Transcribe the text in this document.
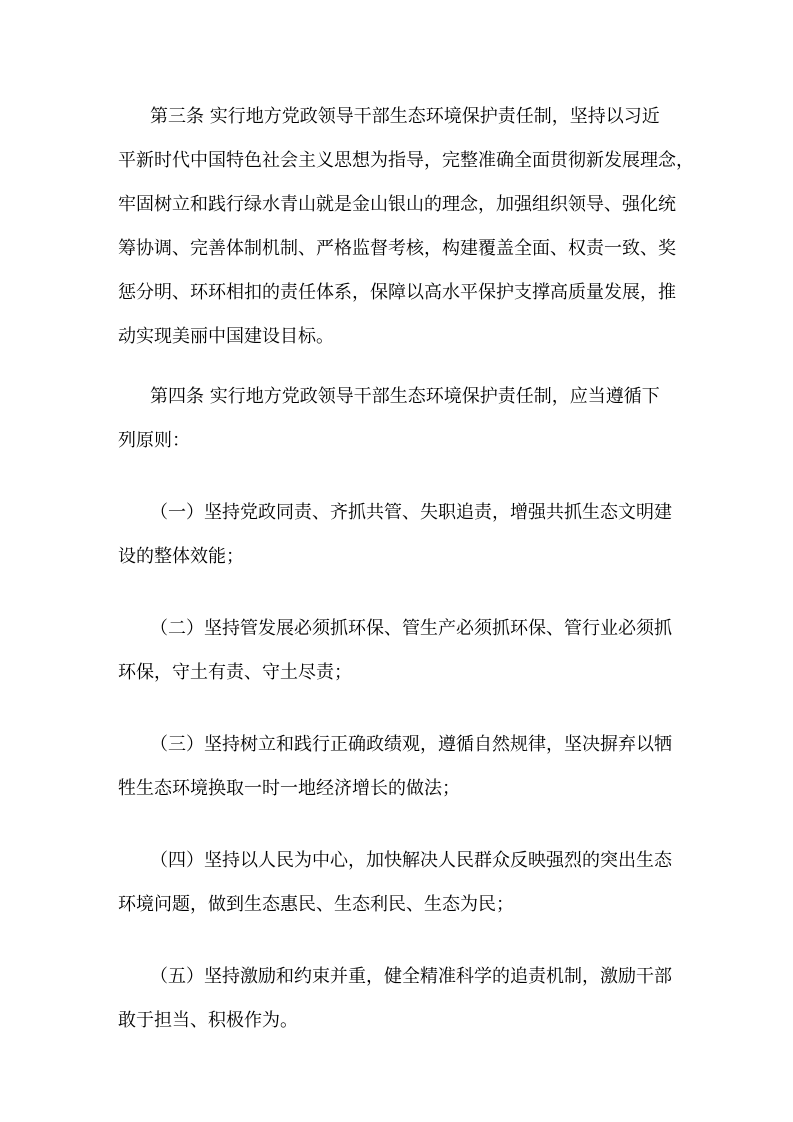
第三条 实行地方党政领导干部生态环境保护责任制，坚持以习近

平新时代中国特色社会主义思想为指导，完整准确全面贯彻新发展理念，

牢固树立和践行绿水青山就是金山银山的理念，加强组织领导、强化统

筹协调、完善体制机制、严格监督考核，构建覆盖全面、权责一致、奖

惩分明、环环相扣的责任体系，保障以高水平保护支撑高质量发展，推

动实现美丽中国建设目标。

第四条 实行地方党政领导干部生态环境保护责任制，应当遵循下

列原则：

（一）坚持党政同责、齐抓共管、失职追责，增强共抓生态文明建

设的整体效能；

（二）坚持管发展必须抓环保、管生产必须抓环保、管行业必须抓

环保，守土有责、守土尽责；

（三）坚持树立和践行正确政绩观，遵循自然规律，坚决摒弃以牺

牲生态环境换取一时一地经济增长的做法；

（四）坚持以人民为中心，加快解决人民群众反映强烈的突出生态

环境问题，做到生态惠民、生态利民、生态为民；

（五）坚持激励和约束并重，健全精准科学的追责机制，激励干部

敢于担当、积极作为。
